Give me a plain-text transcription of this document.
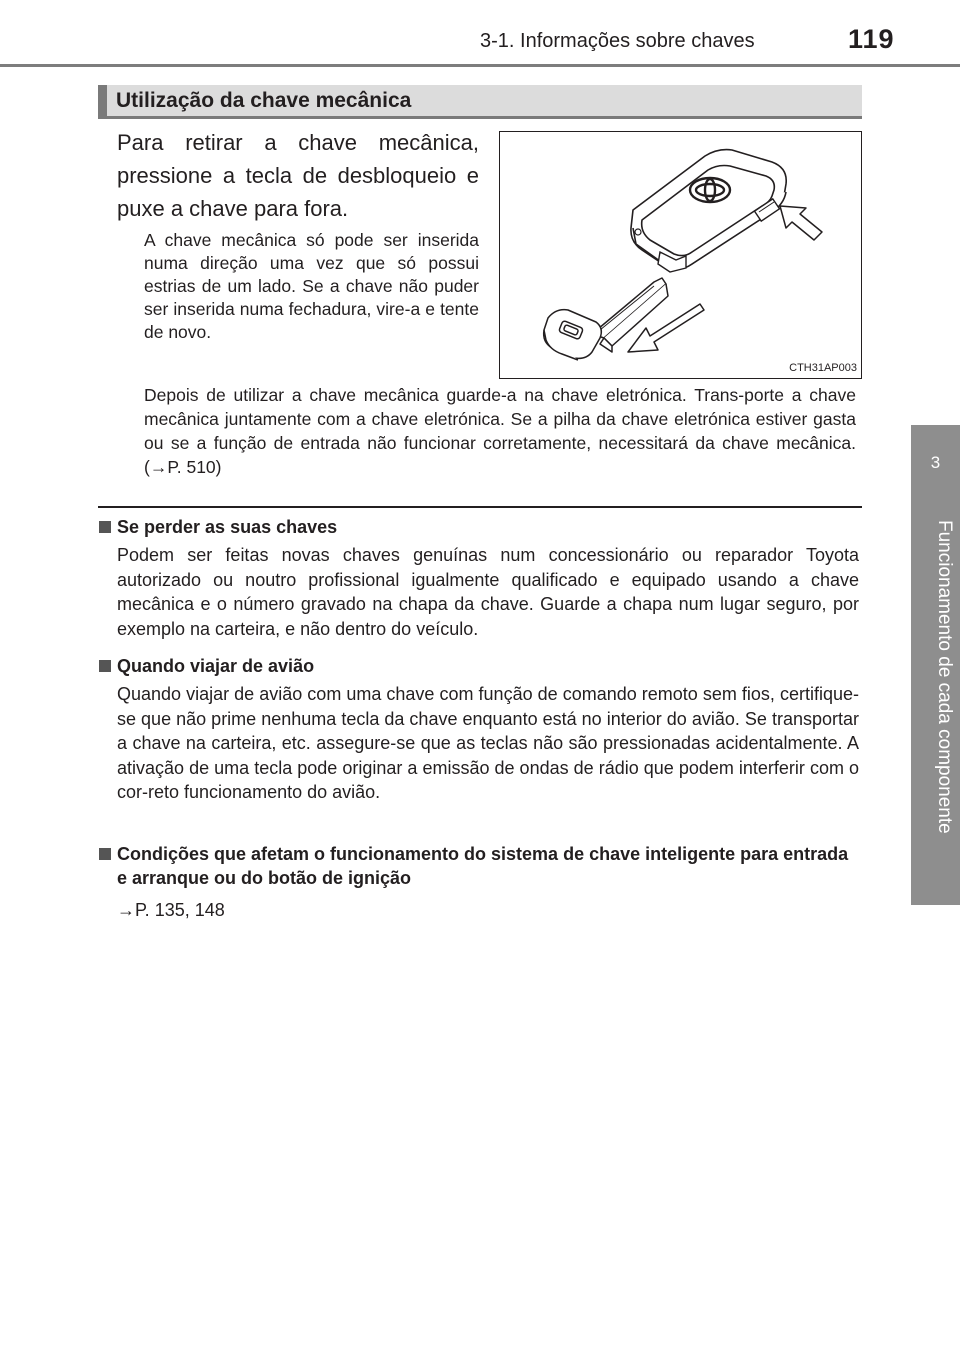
3-1. Informações sobre chaves	119
3
Funcionamento de cada componente
Utilização da chave mecânica

Para retirar a chave mecânica, pressione a tecla de desbloqueio e puxe a chave para fora.

A chave mecânica só pode ser inserida numa direção uma vez que só possui estrias de um lado. Se a chave não puder ser inserida numa fechadura, vire-a e tente de novo.

CTH31AP003

Depois de utilizar a chave mecânica guarde-a na chave eletrónica. Trans-porte a chave mecânica juntamente com a chave eletrónica. Se a pilha da chave eletrónica estiver gasta ou se a função de entrada não funcionar corretamente, necessitará da chave mecânica.(→P. 510)

Se perder as suas chaves
Podem ser feitas novas chaves genuínas num concessionário ou reparador Toyota autorizado ou noutro profissional igualmente qualificado e equipado usando a chave mecânica e o número gravado na chapa da chave. Guarde a chapa num lugar seguro, por exemplo na carteira, e não dentro do veículo.
Quando viajar de avião
Quando viajar de avião com uma chave com função de comando remoto sem fios, certifique-se que não prime nenhuma tecla da chave enquanto está no interior do avião. Se transportar a chave na carteira, etc. assegure-se que as teclas não são pressionadas acidentalmente. A ativação de uma tecla pode originar a emissão de ondas de rádio que podem interferir com o cor-reto funcionamento do avião.
Condições que afetam o funcionamento do sistema de chave inteligente para entrada e arranque ou do botão de ignição
→P. 135, 148
